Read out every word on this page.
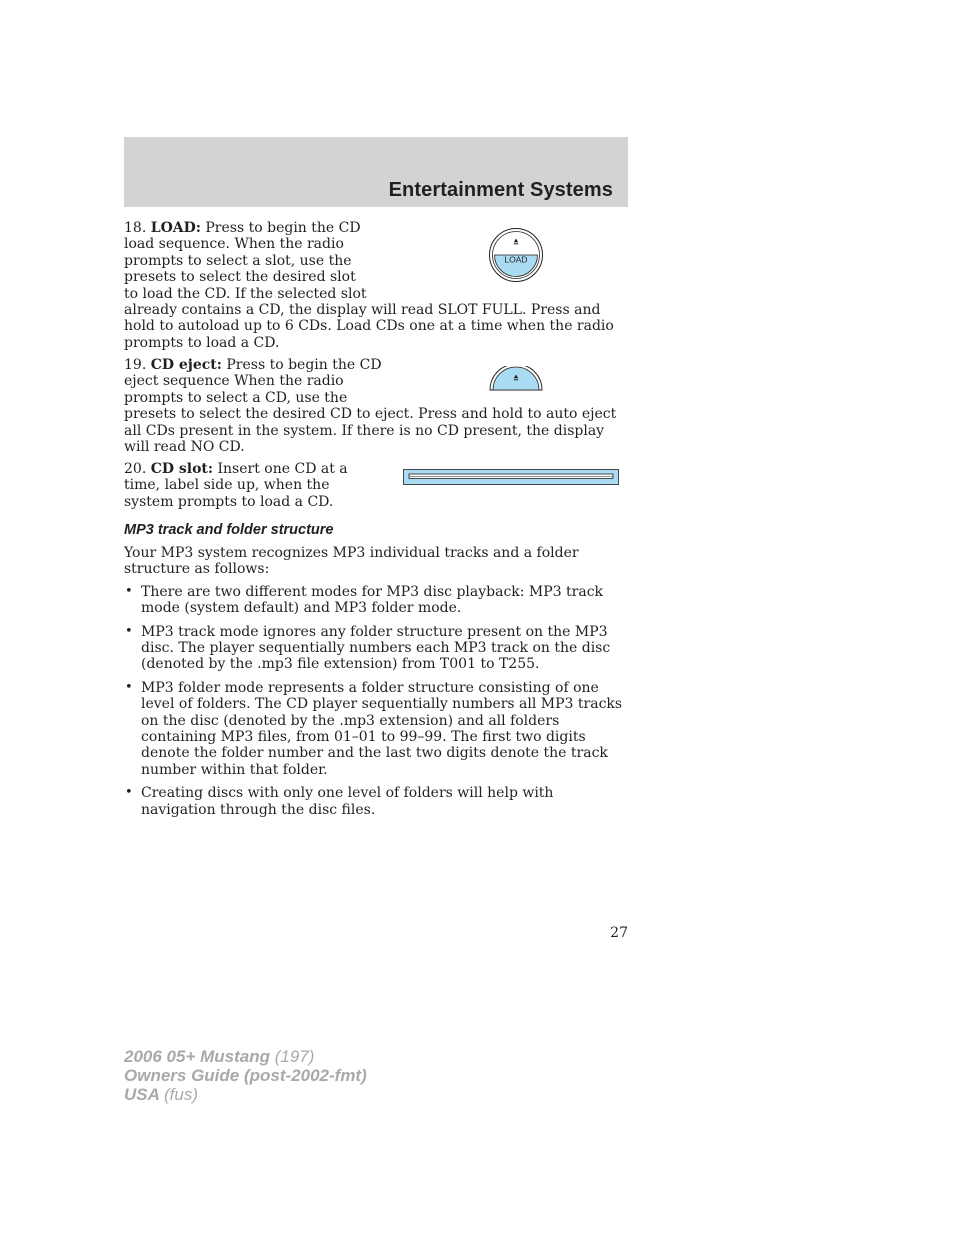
Entertainment Systems
18. LOAD: Press to begin the CD load sequence. When the radio prompts to select a slot, use the presets to select the desired slot to load the CD. If the selected slot
already contains a CD, the display will read SLOT FULL. Press and hold to autoload up to 6 CDs. Load CDs one at a time when the radio prompts to load a CD.
LOAD
19. CD eject: Press to begin the CD eject sequence When the radio prompts to select a CD, use the
presets to select the desired CD to eject. Press and hold to auto eject all CDs present in the system. If there is no CD present, the display will read NO CD.
20. CD slot: Insert one CD at a time, label side up, when the system prompts to load a CD.
MP3 track and folder structure

Your MP3 system recognizes MP3 individual tracks and a folder structure as follows:

• There are two different modes for MP3 disc playback: MP3 track mode (system default) and MP3 folder mode.
• MP3 track mode ignores any folder structure present on the MP3 disc. The player sequentially numbers each MP3 track on the disc (denoted by the .mp3 file extension) from T001 to T255.
• MP3 folder mode represents a folder structure consisting of one level of folders. The CD player sequentially numbers all MP3 tracks on the disc (denoted by the .mp3 extension) and all folders containing MP3 files, from 01–01 to 99–99. The first two digits denote the folder number and the last two digits denote the track number within that folder.
• Creating discs with only one level of folders will help with navigation through the disc files.
27
2006 05+ Mustang (197)
Owners Guide (post-2002-fmt)
USA (fus)
